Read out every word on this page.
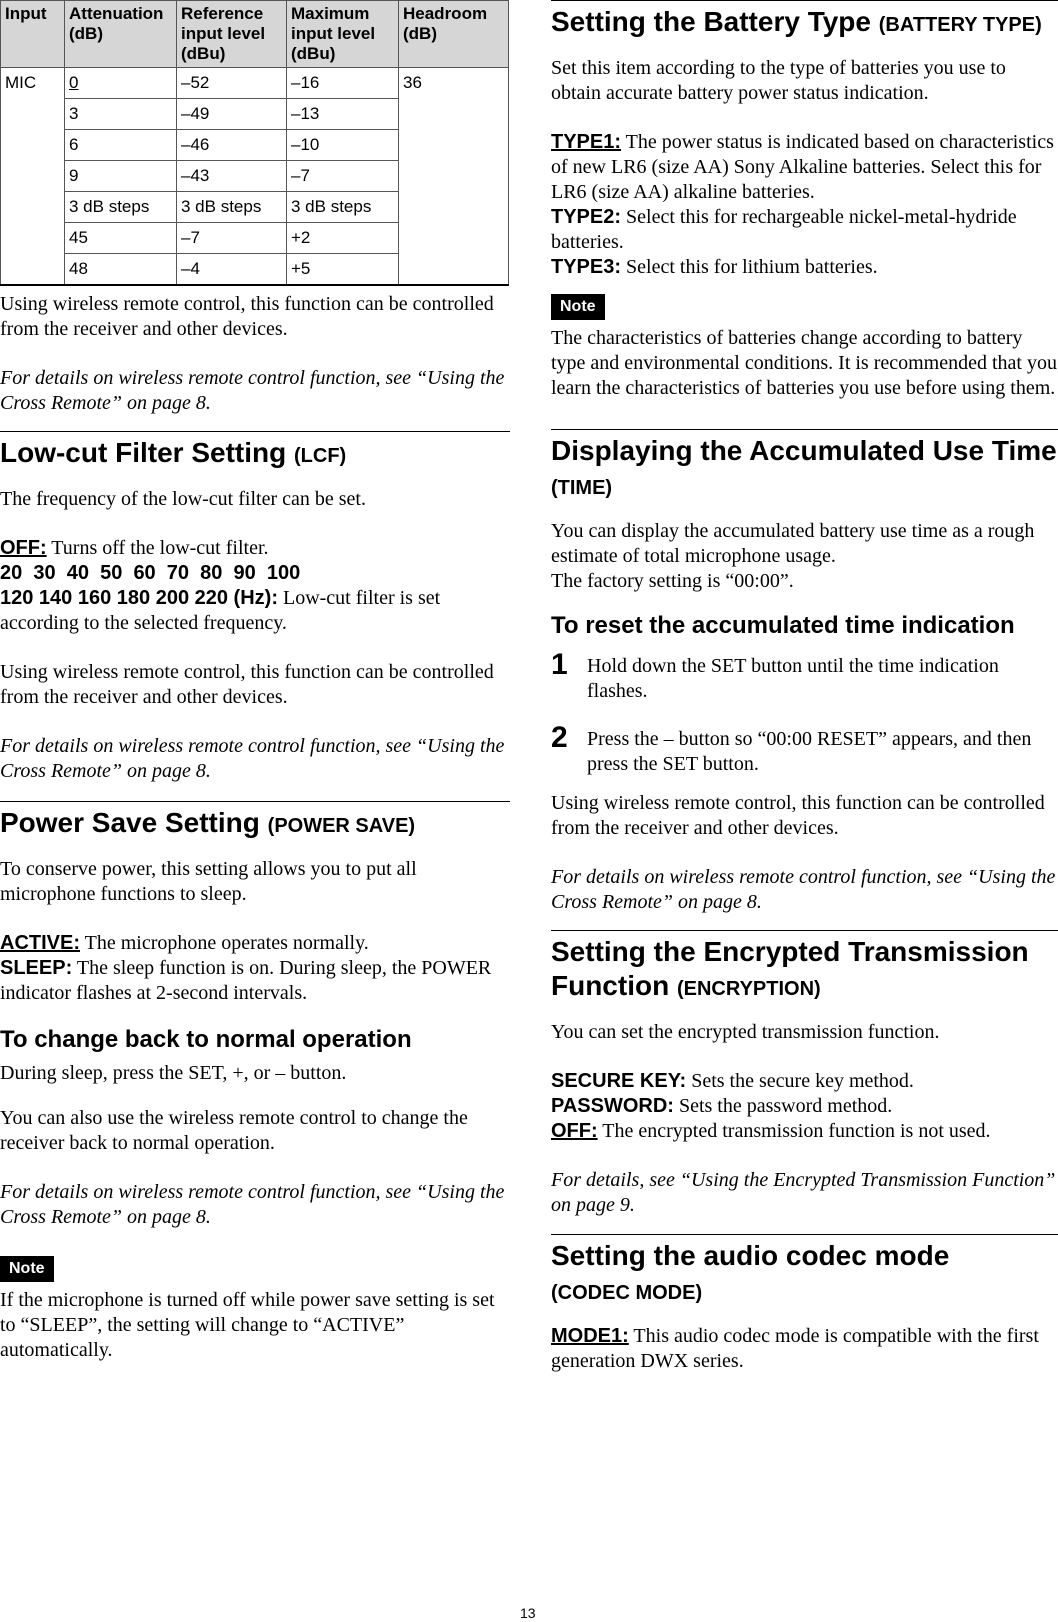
Input	Attenuation (dB)	Reference input level (dBu)	Maximum input level (dBu)	Headroom (dB)
MIC	0	–52	–16	36
	3	–49	–13	
	6	–46	–10	
	9	–43	–7	
	3 dB steps	3 dB steps	3 dB steps	
	45	–7	+2	
	48	–4	+5	

Using wireless remote control, this function can be controlled from the receiver and other devices.

For details on wireless remote control function, see “Using the Cross Remote” on page 8.

Low-cut Filter Setting (LCF)

The frequency of the low-cut filter can be set.

OFF: Turns off the low-cut filter.

20  30  40  50  60  70  80  90  100

120 140 160 180 200 220 (Hz): Low-cut filter is set according to the selected frequency.

Using wireless remote control, this function can be controlled from the receiver and other devices.

For details on wireless remote control function, see “Using the Cross Remote” on page 8.

Power Save Setting (POWER SAVE)

To conserve power, this setting allows you to put all microphone functions to sleep.

ACTIVE: The microphone operates normally.

SLEEP: The sleep function is on. During sleep, the POWER indicator flashes at 2-second intervals.

To change back to normal operation

During sleep, press the SET, +, or – button.

You can also use the wireless remote control to change the receiver back to normal operation.

For details on wireless remote control function, see “Using the Cross Remote” on page 8.

Note

If the microphone is turned off while power save setting is set to “SLEEP”, the setting will change to “ACTIVE” automatically.

Setting the Battery Type (BATTERY TYPE)

Set this item according to the type of batteries you use to obtain accurate battery power status indication.

TYPE1: The power status is indicated based on characteristics of new LR6 (size AA) Sony Alkaline batteries. Select this for LR6 (size AA) alkaline batteries.

TYPE2: Select this for rechargeable nickel-metal-hydride batteries.

TYPE3: Select this for lithium batteries.

Note

The characteristics of batteries change according to battery type and environmental conditions. It is recommended that you learn the characteristics of batteries you use before using them.

Displaying the Accumulated Use Time (TIME)

You can display the accumulated battery use time as a rough estimate of total microphone usage.

The factory setting is “00:00”.

To reset the accumulated time indication
1 Hold down the SET button until the time indication flashes.
2 Press the – button so “00:00 RESET” appears, and then press the SET button.

Using wireless remote control, this function can be controlled from the receiver and other devices.

For details on wireless remote control function, see “Using the Cross Remote” on page 8.

Setting the Encrypted Transmission Function (ENCRYPTION)

You can set the encrypted transmission function.

SECURE KEY: Sets the secure key method.

PASSWORD: Sets the password method.

OFF: The encrypted transmission function is not used.

For details, see “Using the Encrypted Transmission Function” on page 9.

Setting the audio codec mode
(CODEC MODE)

MODE1: This audio codec mode is compatible with the first generation DWX series.

13
